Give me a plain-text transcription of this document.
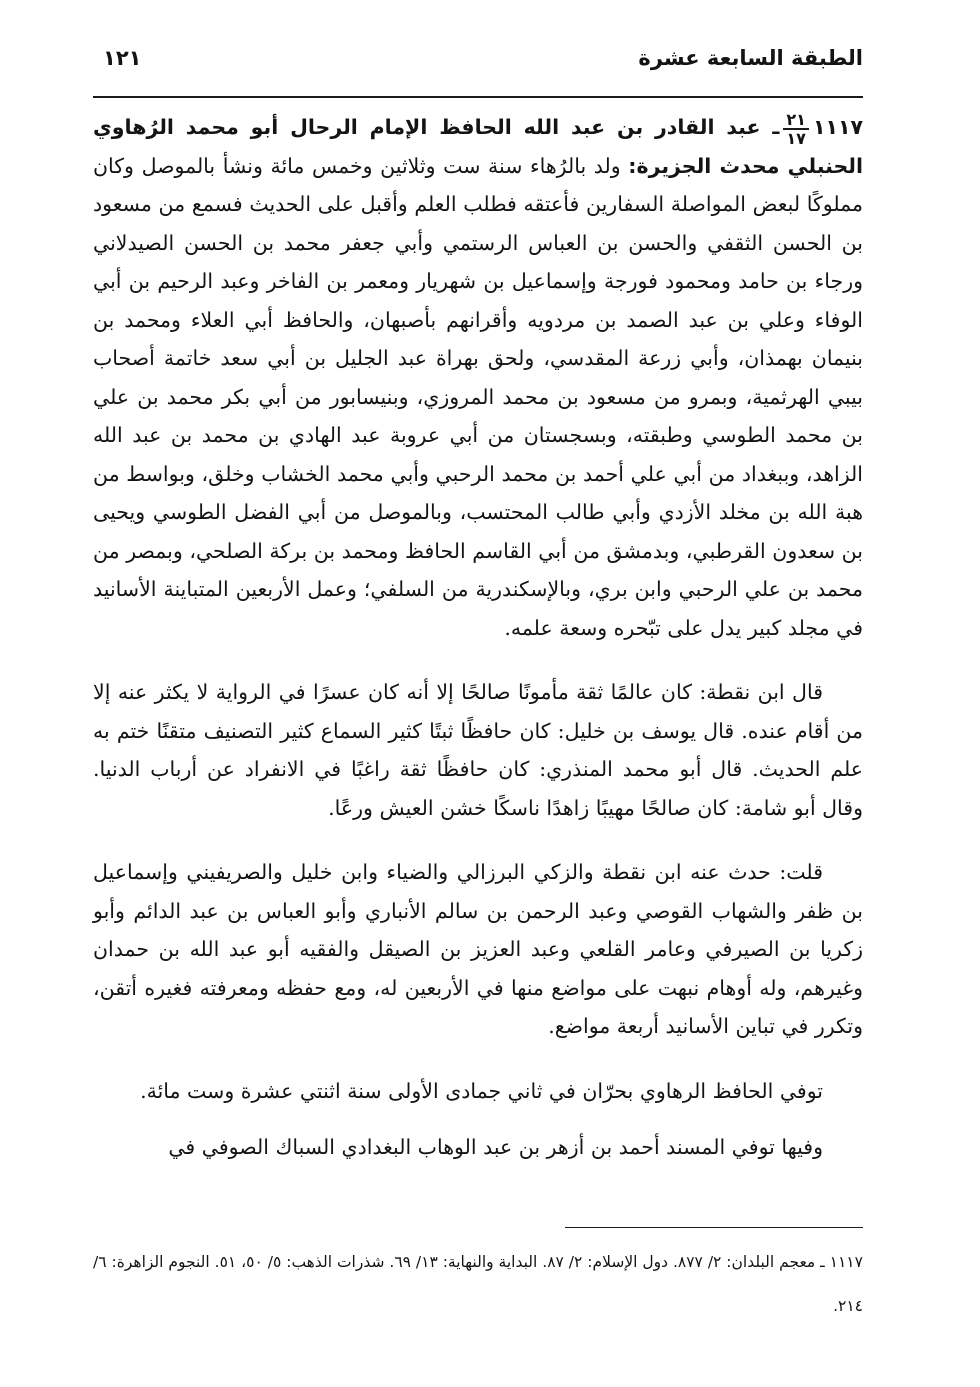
الطبقة السابعة عشرة
١٢١

١١١٧
$\frac{٢١}{١٧}$
ـ عبد القادر بن عبد الله الحافظ الإمام الرحال أبو محمد الرُهاوي الحنبلي محدث الجزيرة: ولد بالرُهاء سنة ست وثلاثين وخمس مائة ونشأ بالموصل وكان مملوكًا لبعض المواصلة السفارين فأعتقه فطلب العلم وأقبل على الحديث فسمع من مسعود بن الحسن الثقفي والحسن بن العباس الرستمي وأبي جعفر محمد بن الحسن الصيدلاني ورجاء بن حامد ومحمود فورجة وإسماعيل بن شهريار ومعمر بن الفاخر وعبد الرحيم بن أبي الوفاء وعلي بن عبد الصمد بن مردويه وأقرانهم بأصبهان، والحافظ أبي العلاء ومحمد بن بنيمان بهمذان، وأبي زرعة المقدسي، ولحق بهراة عبد الجليل بن أبي سعد خاتمة أصحاب بيبي الهرثمية، وبمرو من مسعود بن محمد المروزي، وبنيسابور من أبي بكر محمد بن علي بن محمد الطوسي وطبقته، وبسجستان من أبي عروبة عبد الهادي بن محمد بن عبد الله الزاهد، وببغداد من أبي علي أحمد بن محمد الرحبي وأبي محمد الخشاب وخلق، وبواسط من هبة الله بن مخلد الأزدي وأبي طالب المحتسب، وبالموصل من أبي الفضل الطوسي ويحيى بن سعدون القرطبي، وبدمشق من أبي القاسم الحافظ ومحمد بن بركة الصلحي، وبمصر من محمد بن علي الرحبي وابن بري، وبالإسكندرية من السلفي؛ وعمل الأربعين المتباينة الأسانيد في مجلد كبير يدل على تبّحره وسعة علمه.

قال ابن نقطة: كان عالمًا ثقة مأمونًا صالحًا إلا أنه كان عسرًا في الرواية لا يكثر عنه إلا من أقام عنده. قال يوسف بن خليل: كان حافظًا ثبتًا كثير السماع كثير التصنيف متقنًا ختم به علم الحديث. قال أبو محمد المنذري: كان حافظًا ثقة راغبًا في الانفراد عن أرباب الدنيا. وقال أبو شامة: كان صالحًا مهيبًا زاهدًا ناسكًا خشن العيش ورعًا.

قلت: حدث عنه ابن نقطة والزكي البرزالي والضياء وابن خليل والصريفيني وإسماعيل بن ظفر والشهاب القوصي وعبد الرحمن بن سالم الأنباري وأبو العباس بن عبد الدائم وأبو زكريا بن الصيرفي وعامر القلعي وعبد العزيز بن الصيقل والفقيه أبو عبد الله بن حمدان وغيرهم، وله أوهام نبهت على مواضع منها في الأربعين له، ومع حفظه ومعرفته فغيره أتقن، وتكرر في تباين الأسانيد أربعة مواضع.

توفي الحافظ الرهاوي بحرّان في ثاني جمادى الأولى سنة اثنتي عشرة وست مائة.

وفيها توفي المسند أحمد بن أزهر بن عبد الوهاب البغدادي السباك الصوفي في

١١١٧ ـ معجم البلدان: ٢/ ٨٧٧. دول الإسلام: ٢/ ٨٧. البداية والنهاية: ١٣/ ٦٩. شذرات الذهب: ٥/ ٥٠، ٥١. النجوم الزاهرة: ٦/ ٢١٤.
